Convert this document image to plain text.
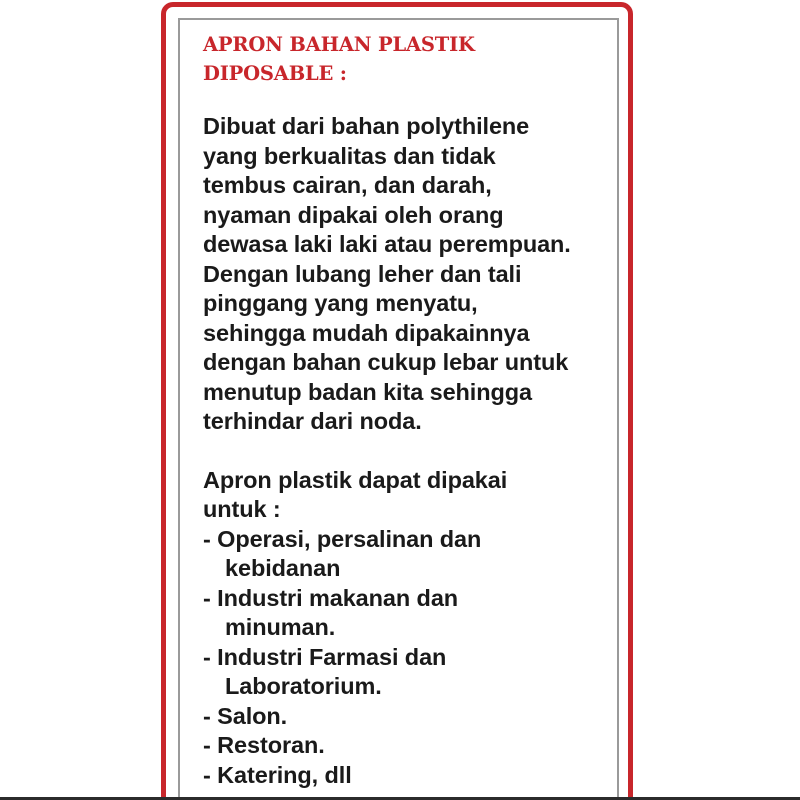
APRON BAHAN PLASTIK
DIPOSABLE :
Dibuat dari bahan polythilene
yang berkualitas dan tidak
tembus cairan, dan darah,
nyaman dipakai oleh orang
dewasa laki laki atau perempuan.
Dengan lubang leher dan tali
pinggang yang menyatu,
sehingga mudah dipakainnya
dengan bahan cukup lebar untuk
menutup badan kita sehingga
terhindar dari noda.
Apron plastik dapat dipakai
untuk :
- Operasi, persalinan dan
kebidanan
- Industri makanan dan
minuman.
- Industri Farmasi dan
Laboratorium.
- Salon.
- Restoran.
- Katering, dll
